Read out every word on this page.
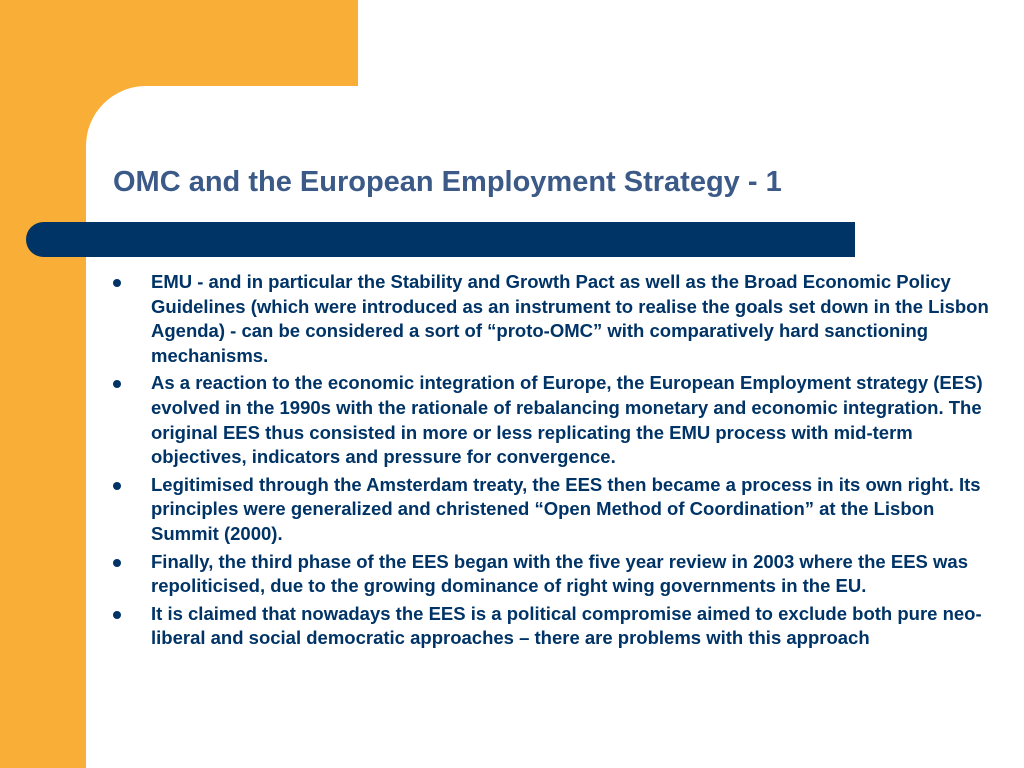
OMC and the European Employment Strategy - 1
EMU - and in particular the Stability and Growth Pact as well as the Broad Economic Policy Guidelines (which were introduced as an instrument to realise the goals set down in the Lisbon Agenda) - can be considered a sort of “proto-OMC” with comparatively hard sanctioning mechanisms.
As a reaction to the economic integration of Europe, the European Employment strategy (EES) evolved in the 1990s with the rationale of rebalancing monetary and economic integration. The original EES thus consisted in more or less replicating the EMU process with mid-term objectives, indicators and pressure for convergence.
Legitimised through the Amsterdam treaty, the EES then became a process in its own right. Its principles were generalized and christened “Open Method of Coordination” at the Lisbon Summit (2000).
Finally, the third phase of the EES began with the five year review in 2003 where the EES was repoliticised, due to the growing dominance of right wing governments in the EU.
It is claimed that nowadays the EES is a political compromise aimed to exclude both pure neo-liberal and social democratic approaches – there are problems with this approach
